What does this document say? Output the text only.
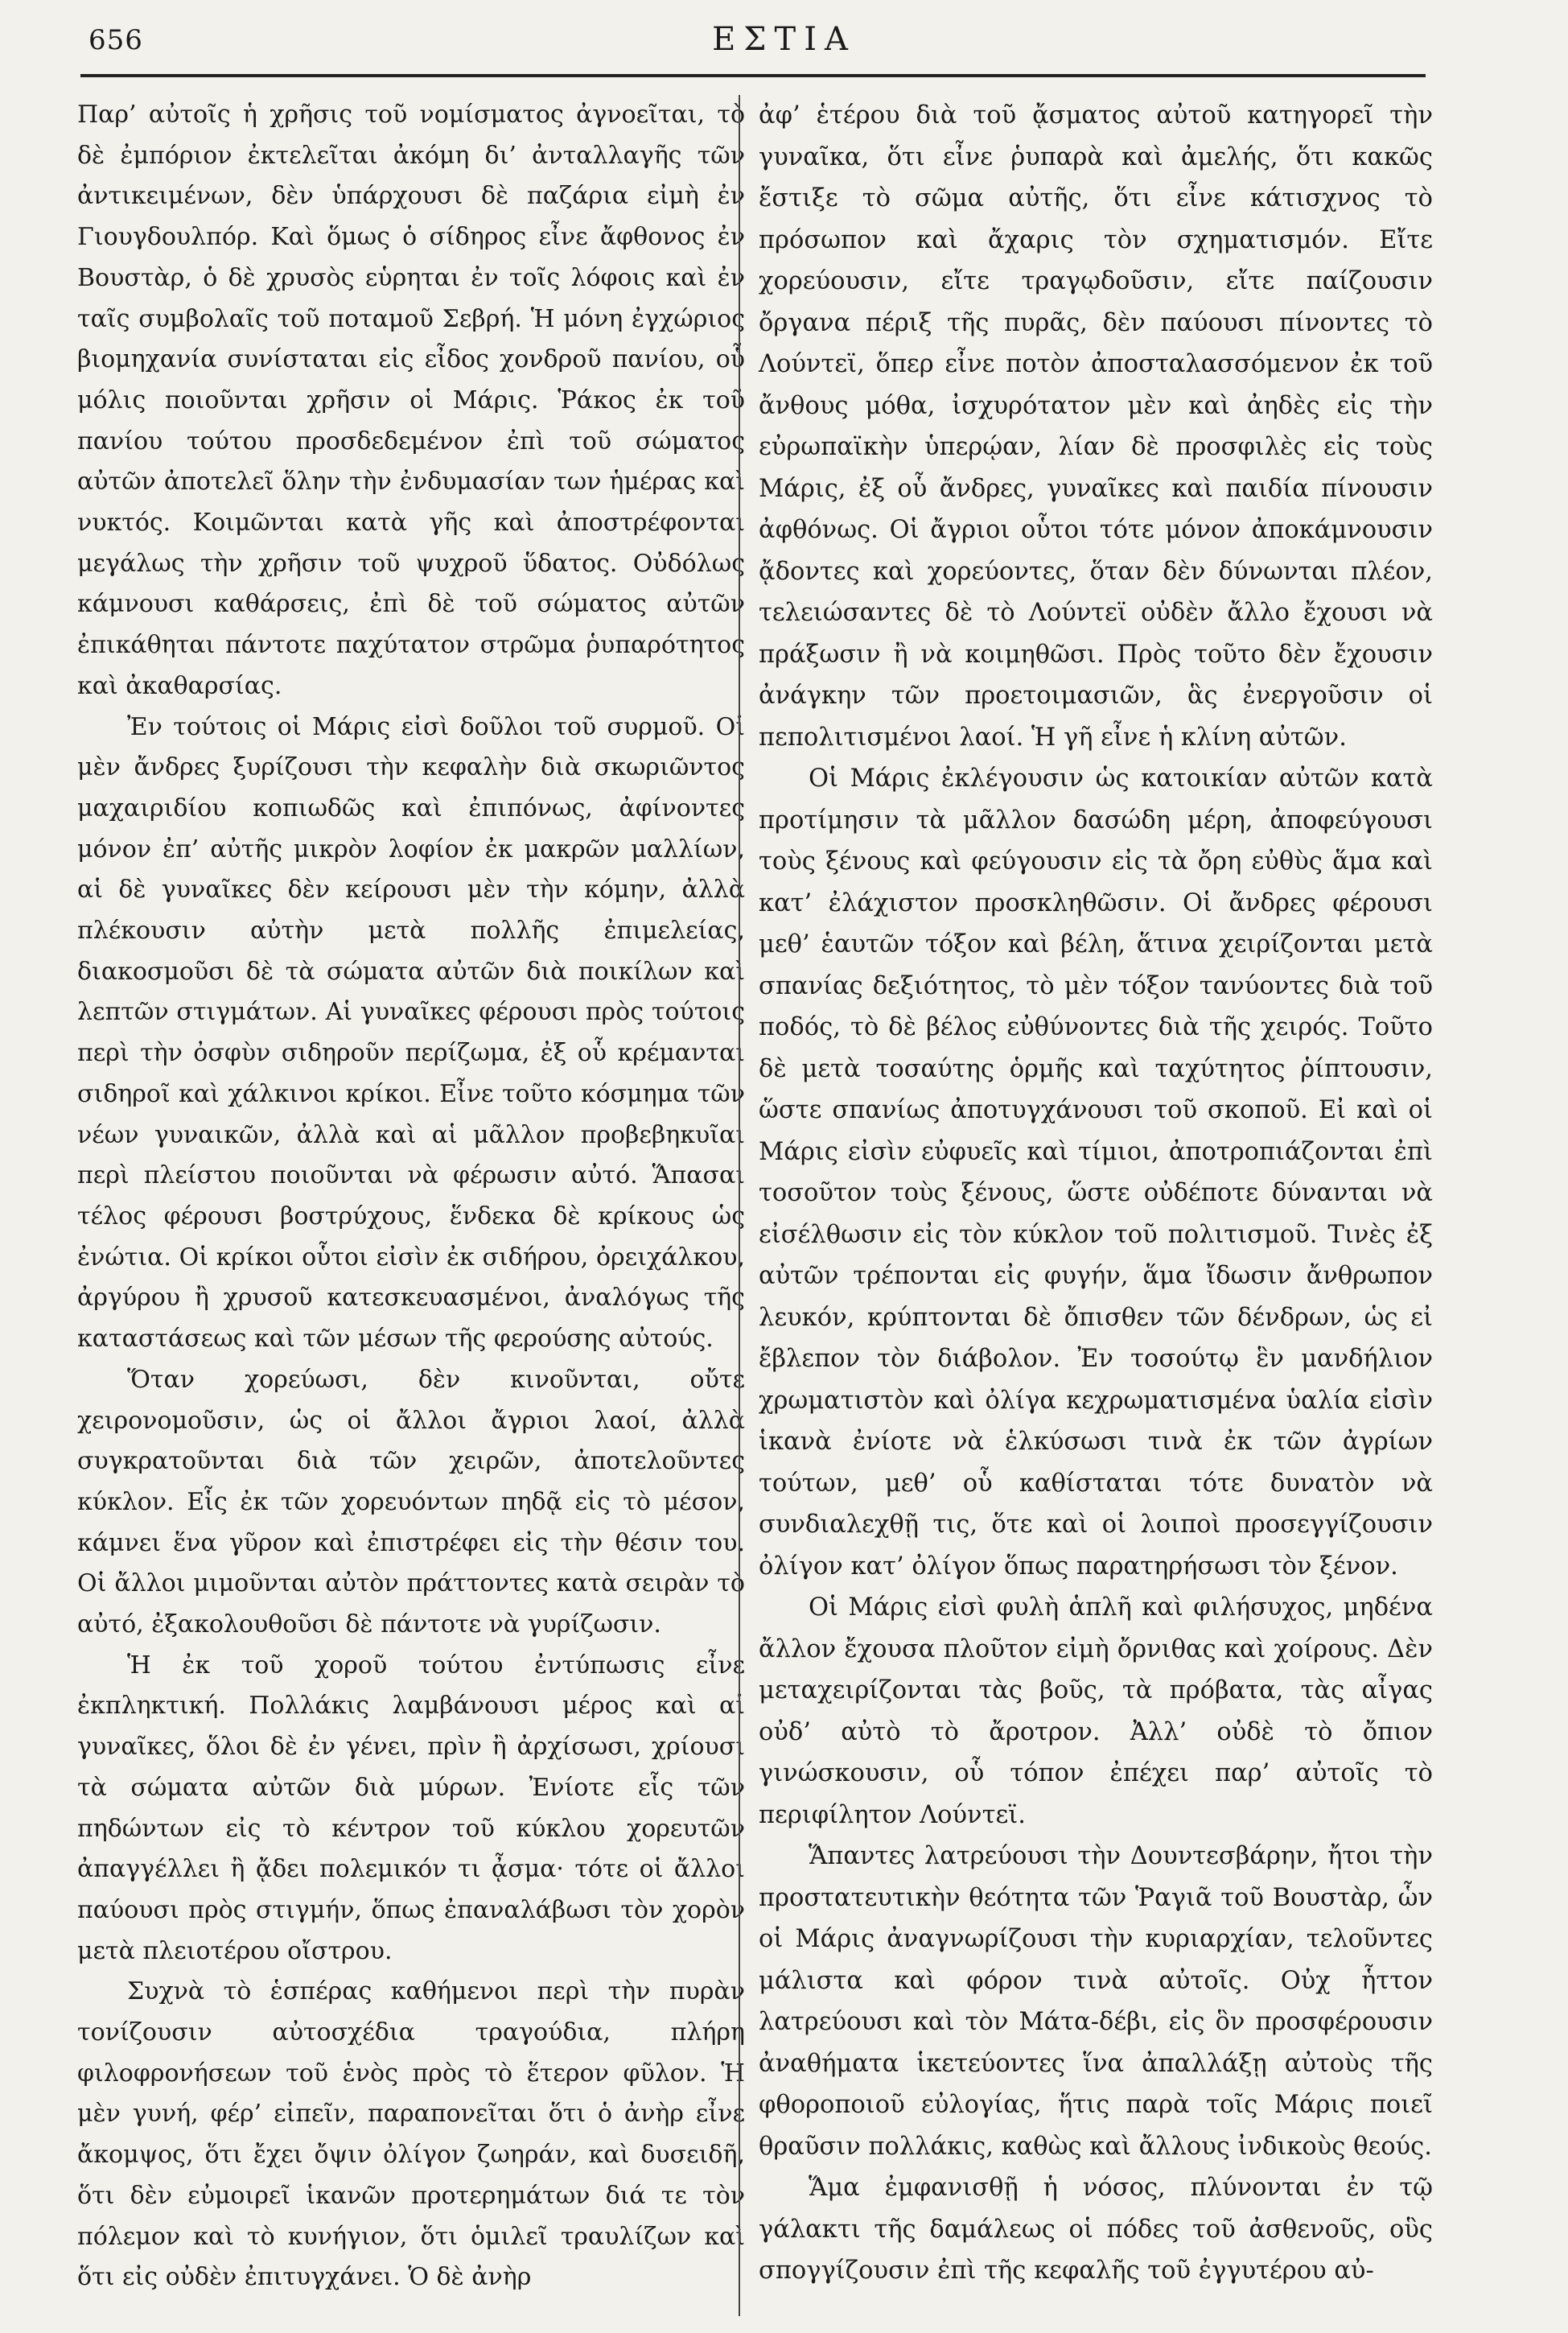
656	ΕΣΤΙΑ

Παρ’ αὐτοῖς ἡ χρῆσις τοῦ νομίσματος ἀγνοεῖται, τὸ δὲ ἐμπόριον ἐκτελεῖται ἀκόμη δι’ ἀνταλλαγῆς τῶν ἀντικειμένων, δὲν ὑπάρχουσι δὲ παζάρια εἰμὴ ἐν Γιουγδουλπόρ. Καὶ ὅμως ὁ σίδηρος εἶνε ἄφθονος ἐν Βουστὰρ, ὁ δὲ χρυσὸς εὑρηται ἐν τοῖς λόφοις καὶ ἐν ταῖς συμβολαῖς τοῦ ποταμοῦ Σεβρή. Ἡ μόνη ἐγχώριος βιομηχανία συνίσταται εἰς εἶδος χονδροῦ πανίου, οὗ μόλις ποιοῦνται χρῆσιν οἱ Μάρις. Ῥάκος ἐκ τοῦ πανίου τούτου προσδεδεμένον ἐπὶ τοῦ σώματος αὐτῶν ἀποτελεῖ ὅλην τὴν ἐνδυμασίαν των ἡμέρας καὶ νυκτός. Κοιμῶνται κατὰ γῆς καὶ ἀποστρέφονται μεγάλως τὴν χρῆσιν τοῦ ψυχροῦ ὕδατος. Οὐδόλως κάμνουσι καθάρσεις, ἐπὶ δὲ τοῦ σώματος αὐτῶν ἐπικάθηται πάντοτε παχύτατον στρῶμα ῥυπαρότητος καὶ ἀκαθαρσίας.

Ἐν τούτοις οἱ Μάρις εἰσὶ δοῦλοι τοῦ συρμοῦ. Οἱ μὲν ἄνδρες ξυρίζουσι τὴν κεφαλὴν διὰ σκωριῶντος μαχαιριδίου κοπιωδῶς καὶ ἐπιπόνως, ἀφίνοντες μόνον ἐπ’ αὐτῆς μικρὸν λοφίον ἐκ μακρῶν μαλλίων, αἱ δὲ γυναῖκες δὲν κείρουσι μὲν τὴν κόμην, ἀλλὰ πλέκουσιν αὐτὴν μετὰ πολλῆς ἐπιμελείας, διακοσμοῦσι δὲ τὰ σώματα αὐτῶν διὰ ποικίλων καὶ λεπτῶν στιγμάτων. Αἱ γυναῖκες φέρουσι πρὸς τούτοις περὶ τὴν ὀσφὺν σιδηροῦν περίζωμα, ἐξ οὗ κρέμανται σιδηροῖ καὶ χάλκινοι κρίκοι. Εἶνε τοῦτο κόσμημα τῶν νέων γυναικῶν, ἀλλὰ καὶ αἱ μᾶλλον προβεβηκυῖαι περὶ πλείστου ποιοῦνται νὰ φέρωσιν αὐτό. Ἅπασαι τέλος φέρουσι βοστρύχους, ἕνδεκα δὲ κρίκους ὡς ἐνώτια. Οἱ κρίκοι οὗτοι εἰσὶν ἐκ σιδήρου, ὀρειχάλκου, ἀργύρου ἢ χρυσοῦ κατεσκευασμένοι, ἀναλόγως τῆς καταστάσεως καὶ τῶν μέσων τῆς φερούσης αὐτούς.

Ὅταν χορεύωσι, δὲν κινοῦνται, οὔτε χειρονομοῦσιν, ὡς οἱ ἄλλοι ἄγριοι λαοί, ἀλλὰ συγκρατοῦνται διὰ τῶν χειρῶν, ἀποτελοῦντες κύκλον. Εἷς ἐκ τῶν χορευόντων πηδᾷ εἰς τὸ μέσον, κάμνει ἕνα γῦρον καὶ ἐπιστρέφει εἰς τὴν θέσιν του. Οἱ ἄλλοι μιμοῦνται αὐτὸν πράττοντες κατὰ σειρὰν τὸ αὐτό, ἐξακολουθοῦσι δὲ πάντοτε νὰ γυρίζωσιν.

Ἡ ἐκ τοῦ χοροῦ τούτου ἐντύπωσις εἶνε ἐκπληκτική. Πολλάκις λαμβάνουσι μέρος καὶ αἱ γυναῖκες, ὅλοι δὲ ἐν γένει, πρὶν ἢ ἀρχίσωσι, χρίουσι τὰ σώματα αὐτῶν διὰ μύρων. Ἐνίοτε εἷς τῶν πηδώντων εἰς τὸ κέντρον τοῦ κύκλου χορευτῶν ἀπαγγέλλει ἢ ᾄδει πολεμικόν τι ᾆσμα· τότε οἱ ἄλλοι παύουσι πρὸς στιγμήν, ὅπως ἐπαναλάβωσι τὸν χορὸν μετὰ πλειοτέρου οἴστρου.

Συχνὰ τὸ ἑσπέρας καθήμενοι περὶ τὴν πυρὰν τονίζουσιν αὐτοσχέδια τραγούδια, πλήρη φιλοφρονήσεων τοῦ ἑνὸς πρὸς τὸ ἕτερον φῦλον. Ἡ μὲν γυνή, φέρ’ εἰπεῖν, παραπονεῖται ὅτι ὁ ἀνὴρ εἶνε ἄκομψος, ὅτι ἔχει ὄψιν ὀλίγον ζωηράν, καὶ δυσειδῆ, ὅτι δὲν εὐμοιρεῖ ἱκανῶν προτερημάτων διά τε τὸν πόλεμον καὶ τὸ κυνήγιον, ὅτι ὁμιλεῖ τραυλίζων καὶ ὅτι εἰς οὐδὲν ἐπιτυγχάνει. Ὁ δὲ ἀνὴρ

ἀφ’ ἑτέρου διὰ τοῦ ᾄσματος αὐτοῦ κατηγορεῖ τὴν γυναῖκα, ὅτι εἶνε ῥυπαρὰ καὶ ἀμελής, ὅτι κακῶς ἔστιξε τὸ σῶμα αὐτῆς, ὅτι εἶνε κάτισχνος τὸ πρόσωπον καὶ ἄχαρις τὸν σχηματισμόν. Εἴτε χορεύουσιν, εἴτε τραγῳδοῦσιν, εἴτε παίζουσιν ὄργανα πέριξ τῆς πυρᾶς, δὲν παύουσι πίνοντες τὸ Λούντεϊ, ὅπερ εἶνε ποτὸν ἀποσταλασσόμενον ἐκ τοῦ ἄνθους μόθα, ἰσχυρότατον μὲν καὶ ἀηδὲς εἰς τὴν εὐρωπαϊκὴν ὑπερῴαν, λίαν δὲ προσφιλὲς εἰς τοὺς Μάρις, ἐξ οὗ ἄνδρες, γυναῖκες καὶ παιδία πίνουσιν ἀφθόνως. Οἱ ἄγριοι οὗτοι τότε μόνον ἀποκάμνουσιν ᾄδοντες καὶ χορεύοντες, ὅταν δὲν δύνωνται πλέον, τελειώσαντες δὲ τὸ Λούντεϊ οὐδὲν ἄλλο ἔχουσι νὰ πράξωσιν ἢ νὰ κοιμηθῶσι. Πρὸς τοῦτο δὲν ἔχουσιν ἀνάγκην τῶν προετοιμασιῶν, ἃς ἐνεργοῦσιν οἱ πεπολιτισμένοι λαοί. Ἡ γῆ εἶνε ἡ κλίνη αὐτῶν.

Οἱ Μάρις ἐκλέγουσιν ὡς κατοικίαν αὐτῶν κατὰ προτίμησιν τὰ μᾶλλον δασώδη μέρη, ἀποφεύγουσι τοὺς ξένους καὶ φεύγουσιν εἰς τὰ ὄρη εὐθὺς ἅμα καὶ κατ’ ἐλάχιστον προσκληθῶσιν. Οἱ ἄνδρες φέρουσι μεθ’ ἑαυτῶν τόξον καὶ βέλη, ἅτινα χειρίζονται μετὰ σπανίας δεξιότητος, τὸ μὲν τόξον τανύοντες διὰ τοῦ ποδός, τὸ δὲ βέλος εὐθύνοντες διὰ τῆς χειρός. Τοῦτο δὲ μετὰ τοσαύτης ὁρμῆς καὶ ταχύτητος ῥίπτουσιν, ὥστε σπανίως ἀποτυγχάνουσι τοῦ σκοποῦ. Εἰ καὶ οἱ Μάρις εἰσὶν εὐφυεῖς καὶ τίμιοι, ἀποτροπιάζονται ἐπὶ τοσοῦτον τοὺς ξένους, ὥστε οὐδέποτε δύνανται νὰ εἰσέλθωσιν εἰς τὸν κύκλον τοῦ πολιτισμοῦ. Τινὲς ἐξ αὐτῶν τρέπονται εἰς φυγήν, ἅμα ἴδωσιν ἄνθρωπον λευκόν, κρύπτονται δὲ ὄπισθεν τῶν δένδρων, ὡς εἰ ἔβλεπον τὸν διάβολον. Ἐν τοσούτῳ ἓν μανδήλιον χρωματιστὸν καὶ ὀλίγα κεχρωματισμένα ὑαλία εἰσὶν ἱκανὰ ἐνίοτε νὰ ἑλκύσωσι τινὰ ἐκ τῶν ἀγρίων τούτων, μεθ’ οὗ καθίσταται τότε δυνατὸν νὰ συνδιαλεχθῇ τις, ὅτε καὶ οἱ λοιποὶ προσεγγίζουσιν ὀλίγον κατ’ ὀλίγον ὅπως παρατηρήσωσι τὸν ξένον.

Οἱ Μάρις εἰσὶ φυλὴ ἁπλῆ καὶ φιλήσυχος, μηδένα ἄλλον ἔχουσα πλοῦτον εἰμὴ ὄρνιθας καὶ χοίρους. Δὲν μεταχειρίζονται τὰς βοῦς, τὰ πρόβατα, τὰς αἶγας οὐδ’ αὐτὸ τὸ ἄροτρον. Ἀλλ’ οὐδὲ τὸ ὄπιον γινώσκουσιν, οὗ τόπον ἐπέχει παρ’ αὐτοῖς τὸ περιφίλητον Λούντεϊ.

Ἅπαντες λατρεύουσι τὴν Δουντεσβάρην, ἤτοι τὴν προστατευτικὴν θεότητα τῶν Ῥαγιᾶ τοῦ Βουστὰρ, ὧν οἱ Μάρις ἀναγνωρίζουσι τὴν κυριαρχίαν, τελοῦντες μάλιστα καὶ φόρον τινὰ αὐτοῖς. Οὐχ ἧττον λατρεύουσι καὶ τὸν Μάτα-δέβι, εἰς ὃν προσφέρουσιν ἀναθήματα ἱκετεύοντες ἵνα ἀπαλλάξῃ αὐτοὺς τῆς φθοροποιοῦ εὐλογίας, ἥτις παρὰ τοῖς Μάρις ποιεῖ θραῦσιν πολλάκις, καθὼς καὶ ἄλλους ἰνδικοὺς θεούς.

Ἅμα ἐμφανισθῇ ἡ νόσος, πλύνονται ἐν τῷ γάλακτι τῆς δαμάλεως οἱ πόδες τοῦ ἀσθενοῦς, οὓς σπογγίζουσιν ἐπὶ τῆς κεφαλῆς τοῦ ἐγγυτέρου αὐ-
